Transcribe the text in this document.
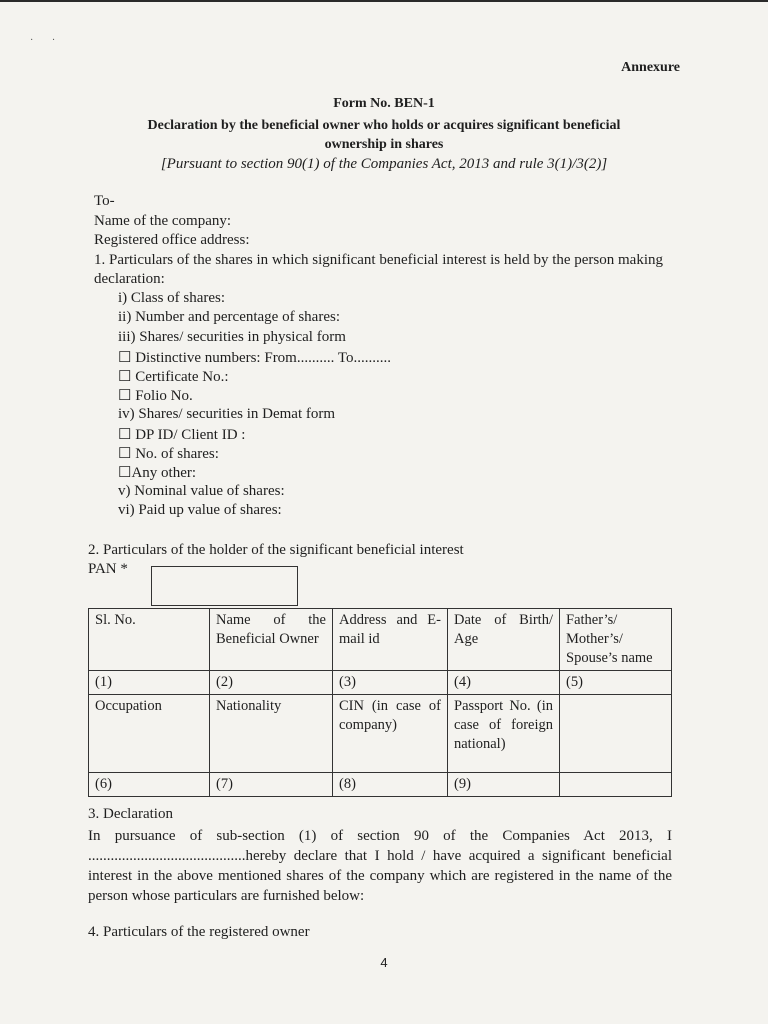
· ·
Annexure
Form No. BEN-1
Declaration by the beneficial owner who holds or acquires significant beneficial
ownership in shares
[Pursuant to section 90(1) of the Companies Act, 2013 and rule 3(1)/3(2)]
To-
Name of the company:
Registered office address:
1. Particulars of the shares in which significant beneficial interest is held by the person making
declaration:
i) Class of shares:
ii) Number and percentage of shares:
iii) Shares/ securities in physical form
☐ Distinctive numbers: From.......... To..........
☐ Certificate No.:
☐ Folio No.
iv) Shares/ securities in Demat form
☐ DP ID/ Client ID :
☐ No. of shares:
☐Any other:
v) Nominal value of shares:
vi) Paid up value of shares:
2. Particulars of the holder of the significant beneficial interest
PAN *
Sl. No.	Name of the Beneficial Owner	Address and E-mail id	Date of Birth/ Age	Father’s/ Mother’s/ Spouse’s name
(1)	(2)	(3)	(4)	(5)
Occupation	Nationality	CIN (in case of company)	Passport No. (in case of foreign national)	
(6)	(7)	(8)	(9)	
3. Declaration
In pursuance of sub-section (1) of section 90 of the Companies Act 2013, I
..........................................hereby declare that I hold / have acquired a significant beneficial
interest in the above mentioned shares of the company which are registered in the name of the
person whose particulars are furnished below:
4. Particulars of the registered owner
4
